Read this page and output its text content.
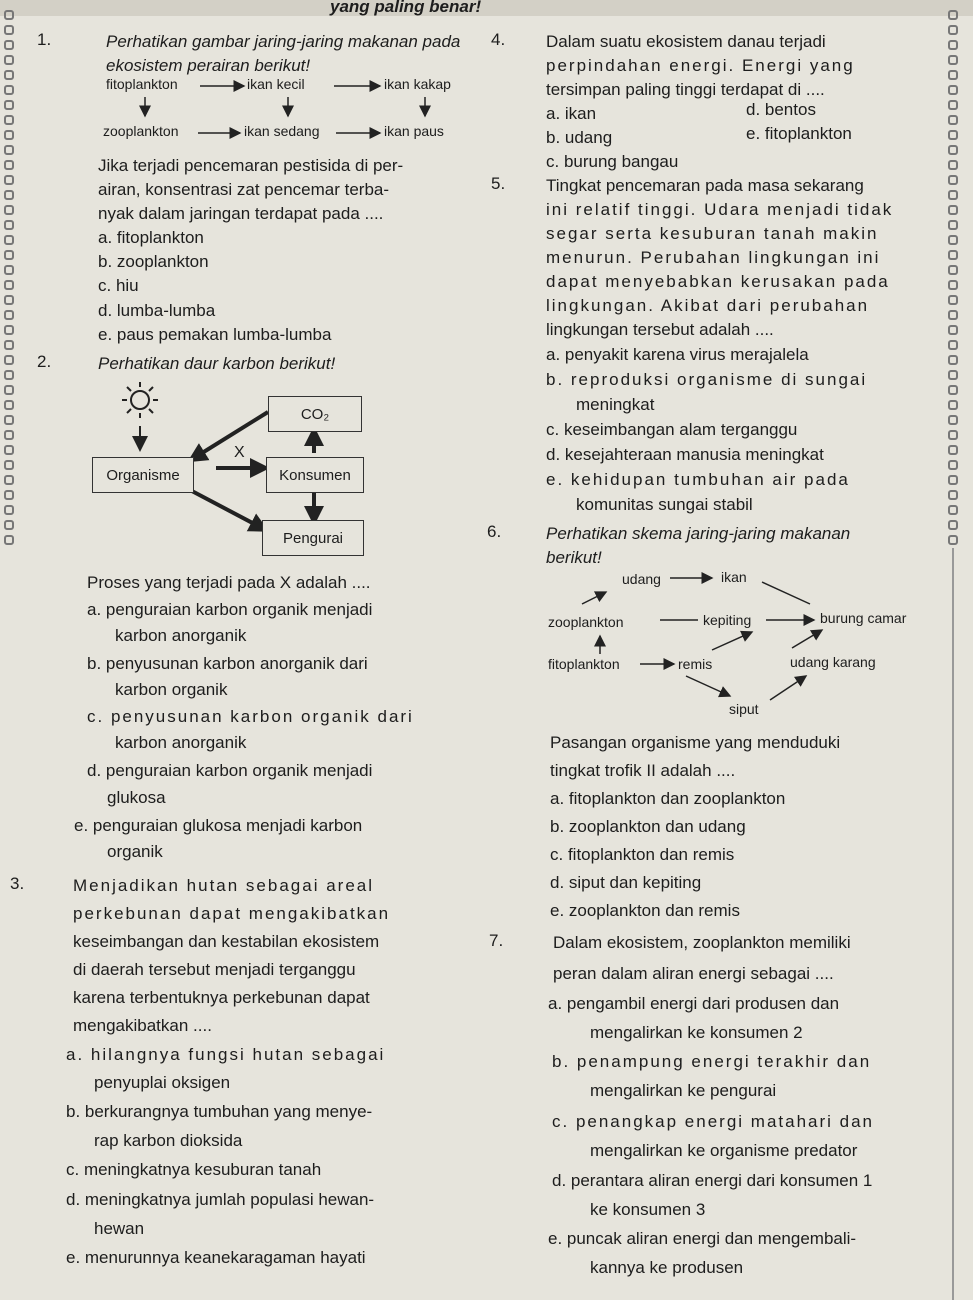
yang paling benar!
1.	Perhatikan gambar jaring-jaring makanan pada ekosistem perairan berikut!
fitoplankton	ikan kecil	ikan kakap
zooplankton	ikan sedang	ikan paus
Jika terjadi pencemaran pestisida di per-
airan, konsentrasi zat pencemar terba-
nyak dalam jaringan terdapat pada ....
a. fitoplankton
b. zooplankton
c. hiu
d. lumba-lumba
e. paus pemakan lumba-lumba
2.	Perhatikan daur karbon berikut!
CO₂
X
Organisme	Konsumen
Pengurai
Proses yang terjadi pada X adalah ....
a. penguraian karbon organik menjadi
karbon anorganik
b. penyusunan karbon anorganik dari
karbon organik
c. penyusunan karbon organik dari
karbon anorganik
d. penguraian karbon organik menjadi
glukosa
e. penguraian glukosa menjadi karbon
organik
3.	Menjadikan hutan sebagai areal
perkebunan dapat mengakibatkan
keseimbangan dan kestabilan ekosistem
di daerah tersebut menjadi terganggu
karena terbentuknya perkebunan dapat
mengakibatkan ....
a. hilangnya fungsi hutan sebagai
penyuplai oksigen
b. berkurangnya tumbuhan yang menye-
rap karbon dioksida
c. meningkatnya kesuburan tanah
d. meningkatnya jumlah populasi hewan-
hewan
e. menurunnya keanekaragaman hayati
4. Dalam suatu ekosistem danau terjadi
perpindahan energi. Energi yang
tersimpan paling tinggi terdapat di ....
a. ikan
b. udang
c. burung bangau
d. bentos
e. fitoplankton
5. Tingkat pencemaran pada masa sekarang
ini relatif tinggi. Udara menjadi tidak
segar serta kesuburan tanah makin
menurun. Perubahan lingkungan ini
dapat menyebabkan kerusakan pada
lingkungan. Akibat dari perubahan
lingkungan tersebut adalah ....
a. penyakit karena virus merajalela
b. reproduksi organisme di sungai
meningkat
c. keseimbangan alam terganggu
d. kesejahteraan manusia meningkat
e. kehidupan tumbuhan air pada
komunitas sungai stabil
6.	Perhatikan skema jaring-jaring makanan
berikut!
udang	ikan
zooplankton	kepiting	burung camar
fitoplankton	remis	udang karang
siput
Pasangan organisme yang menduduki
tingkat trofik II adalah ....
a. fitoplankton dan zooplankton
b. zooplankton dan udang
c. fitoplankton dan remis
d. siput dan kepiting
e. zooplankton dan remis
7.	Dalam ekosistem, zooplankton memiliki
peran dalam aliran energi sebagai ....
a. pengambil energi dari produsen dan
mengalirkan ke konsumen 2
b. penampung energi terakhir dan
mengalirkan ke pengurai
c. penangkap energi matahari dan
mengalirkan ke organisme predator
d. perantara aliran energi dari konsumen 1
ke konsumen 3
e. puncak aliran energi dan mengembali-
kannya ke produsen
